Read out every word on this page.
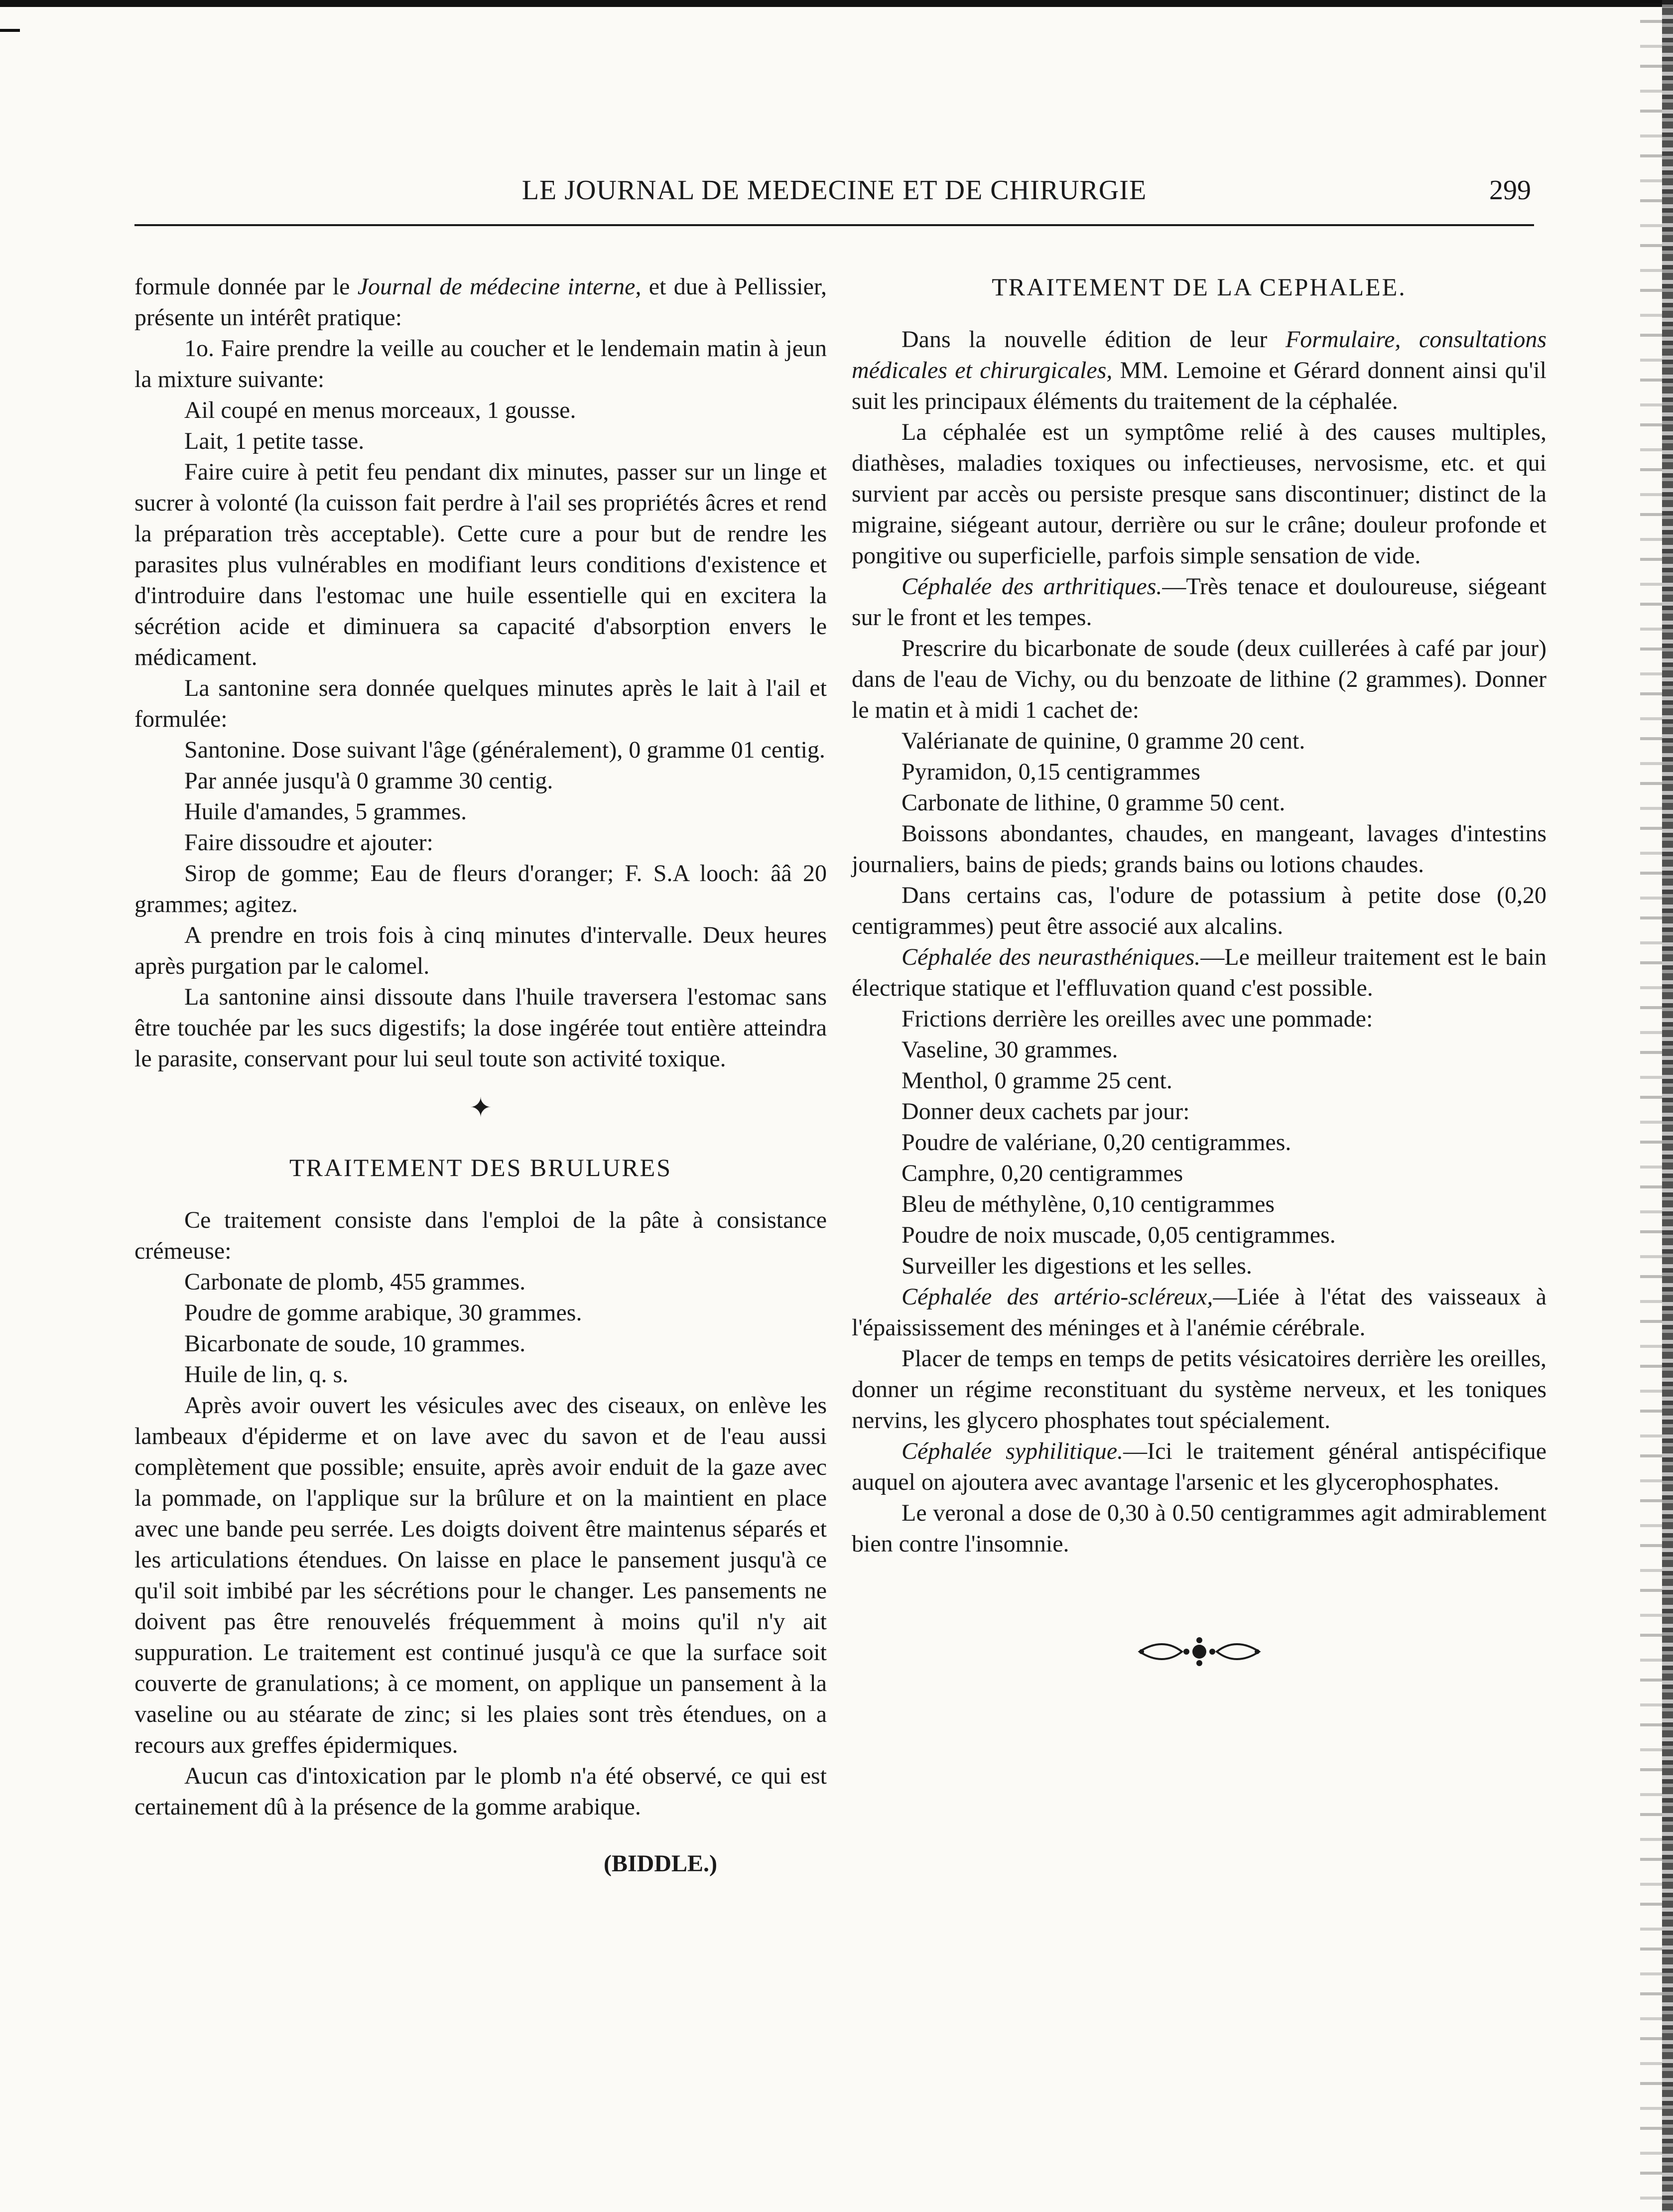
LE JOURNAL DE MEDECINE ET DE CHIRURGIE	299

formule donnée par le Journal de médecine interne, et due à Pellissier, présente un intérêt pratique:

1o. Faire prendre la veille au coucher et le lendemain matin à jeun la mixture suivante:

Ail coupé en menus morceaux, 1 gousse.

Lait, 1 petite tasse.

Faire cuire à petit feu pendant dix minutes, passer sur un linge et sucrer à volonté (la cuisson fait perdre à l'ail ses propriétés âcres et rend la préparation très acceptable). Cette cure a pour but de rendre les parasites plus vulnérables en modifiant leurs conditions d'existence et d'introduire dans l'estomac une huile essentielle qui en excitera la sécrétion acide et diminuera sa capacité d'absorption envers le médicament.

La santonine sera donnée quelques minutes après le lait à l'ail et formulée:

Santonine. Dose suivant l'âge (généralement), 0 gramme 01 centig.

Par année jusqu'à 0 gramme 30 centig.

Huile d'amandes, 5 grammes.

Faire dissoudre et ajouter:

Sirop de gomme; Eau de fleurs d'oranger; F. S.A looch: ââ 20 grammes; agitez.

A prendre en trois fois à cinq minutes d'intervalle. Deux heures après purgation par le calomel.

La santonine ainsi dissoute dans l'huile traversera l'estomac sans être touchée par les sucs digestifs; la dose ingérée tout entière atteindra le parasite, conservant pour lui seul toute son activité toxique.

✦

TRAITEMENT DES BRULURES

Ce traitement consiste dans l'emploi de la pâte à consistance crémeuse:

Carbonate de plomb, 455 grammes.

Poudre de gomme arabique, 30 grammes.

Bicarbonate de soude, 10 grammes.

Huile de lin, q. s.

Après avoir ouvert les vésicules avec des ciseaux, on enlève les lambeaux d'épiderme et on lave avec du savon et de l'eau aussi complètement que possible; ensuite, après avoir enduit de la gaze avec la pommade, on l'applique sur la brûlure et on la maintient en place avec une bande peu serrée. Les doigts doivent être maintenus séparés et les articulations étendues. On laisse en place le pansement jusqu'à ce qu'il soit imbibé par les sécrétions pour le changer. Les pansements ne doivent pas être renouvelés fréquemment à moins qu'il n'y ait suppuration. Le traitement est continué jusqu'à ce que la surface soit couverte de granulations; à ce moment, on applique un pansement à la vaseline ou au stéarate de zinc; si les plaies sont très étendues, on a recours aux greffes épidermiques.

Aucun cas d'intoxication par le plomb n'a été observé, ce qui est certainement dû à la présence de la gomme arabique.

(BIDDLE.)

TRAITEMENT DE LA CEPHALEE.

Dans la nouvelle édition de leur Formulaire, consultations médicales et chirurgicales, MM. Lemoine et Gérard donnent ainsi qu'il suit les principaux éléments du traitement de la céphalée.

La céphalée est un symptôme relié à des causes multiples, diathèses, maladies toxiques ou infectieuses, nervosisme, etc. et qui survient par accès ou persiste presque sans discontinuer; distinct de la migraine, siégeant autour, derrière ou sur le crâne; douleur profonde et pongitive ou superficielle, parfois simple sensation de vide.

Céphalée des arthritiques.—Très tenace et douloureuse, siégeant sur le front et les tempes.

Prescrire du bicarbonate de soude (deux cuillerées à café par jour) dans de l'eau de Vichy, ou du benzoate de lithine (2 grammes). Donner le matin et à midi 1 cachet de:

Valérianate de quinine, 0 gramme 20 cent.

Pyramidon, 0,15 centigrammes

Carbonate de lithine, 0 gramme 50 cent.

Boissons abondantes, chaudes, en mangeant, lavages d'intestins journaliers, bains de pieds; grands bains ou lotions chaudes.

Dans certains cas, l'odure de potassium à petite dose (0,20 centigrammes) peut être associé aux alcalins.

Céphalée des neurasthéniques.—Le meilleur traitement est le bain électrique statique et l'effluvation quand c'est possible.

Frictions derrière les oreilles avec une pommade:

Vaseline, 30 grammes.

Menthol, 0 gramme 25 cent.

Donner deux cachets par jour:

Poudre de valériane, 0,20 centigrammes.

Camphre, 0,20 centigrammes

Bleu de méthylène, 0,10 centigrammes

Poudre de noix muscade, 0,05 centigrammes.

Surveiller les digestions et les selles.

Céphalée des artério-scléreux,—Liée à l'état des vaisseaux à l'épaississement des méninges et à l'anémie cérébrale.

Placer de temps en temps de petits vésicatoires derrière les oreilles, donner un régime reconstituant du système nerveux, et les toniques nervins, les glycero phosphates tout spécialement.

Céphalée syphilitique.—Ici le traitement général antispécifique auquel on ajoutera avec avantage l'arsenic et les glycerophosphates.

Le veronal a dose de 0,30 à 0.50 centigrammes agit admirablement bien contre l'insomnie.
